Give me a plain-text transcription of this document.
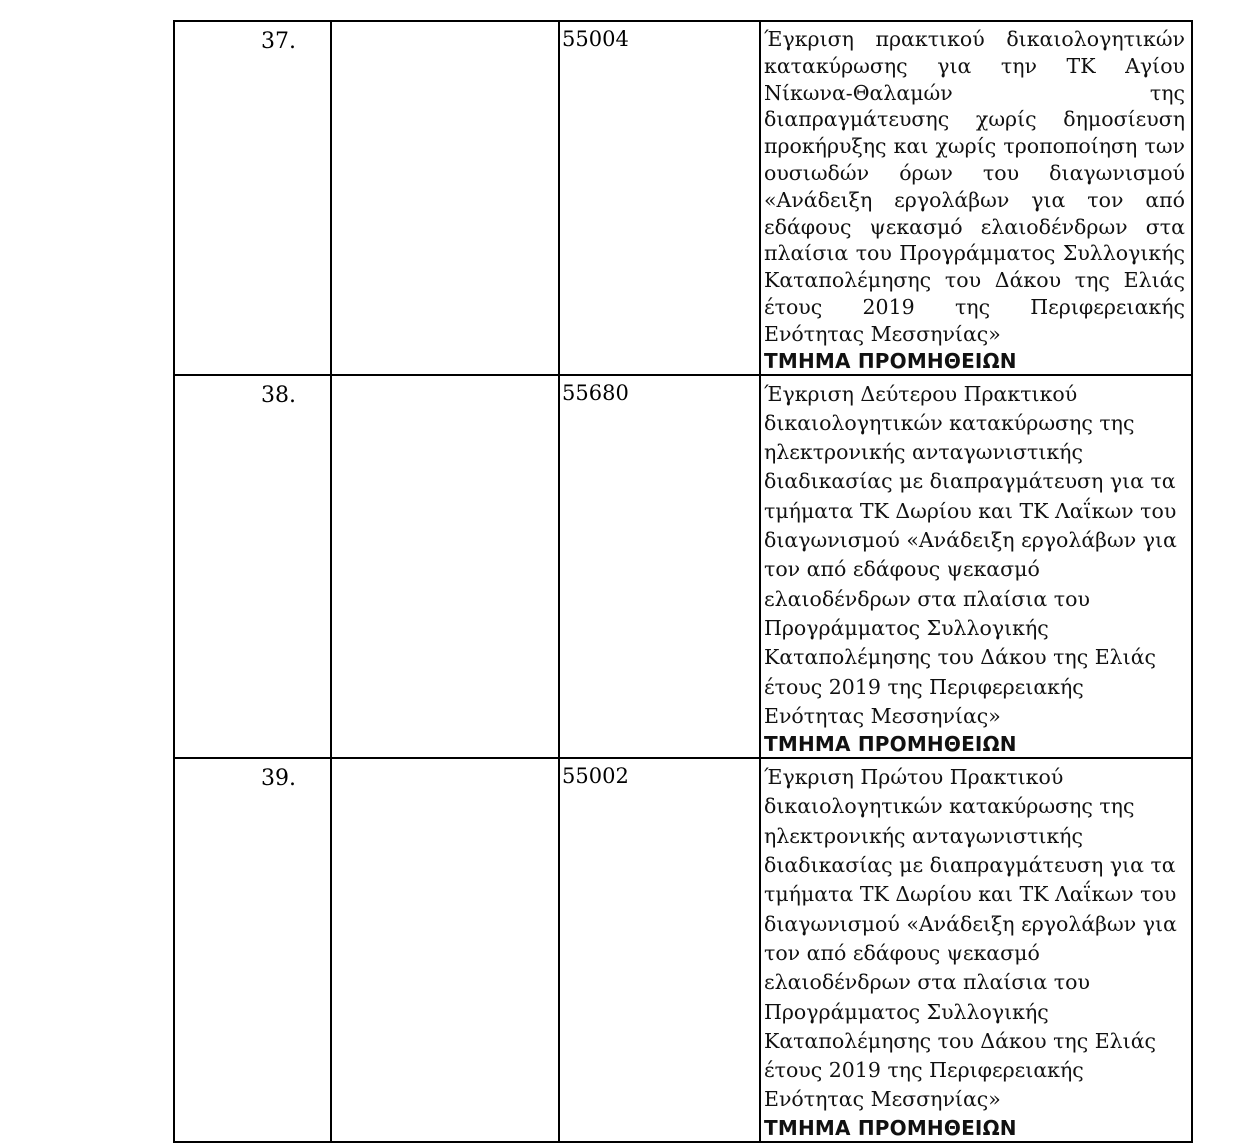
37.		55004	Έγκριση πρακτικού δικαιολογητικών κατακύρωσης για την ΤΚ Αγίου Νίκωνα-Θαλαμών της διαπραγμάτευσης χωρίς δημοσίευση προκήρυξης και χωρίς τροποποίηση των ουσιωδών όρων του διαγωνισμού «Ανάδειξη εργολάβων για τον από εδάφους ψεκασμό ελαιοδένδρων στα πλαίσια του Προγράμματος Συλλογικής Καταπολέμησης του Δάκου της Ελιάς έτους 2019 της Περιφερειακής Ενότητας Μεσσηνίας»
ΤΜΗΜΑ ΠΡΟΜΗΘΕΙΩΝ

38.		55680	Έγκριση Δεύτερου Πρακτικού δικαιολογητικών κατακύρωσης της ηλεκτρονικής ανταγωνιστικής διαδικασίας με διαπραγμάτευση για τα τμήματα ΤΚ Δωρίου και ΤΚ Λαΐκων του διαγωνισμού «Ανάδειξη εργολάβων για τον από εδάφους ψεκασμό ελαιοδένδρων στα πλαίσια του Προγράμματος Συλλογικής Καταπολέμησης του Δάκου της Ελιάς έτους 2019 της Περιφερειακής Ενότητας Μεσσηνίας»
ΤΜΗΜΑ ΠΡΟΜΗΘΕΙΩΝ

39.		55002	Έγκριση Πρώτου Πρακτικού δικαιολογητικών κατακύρωσης της ηλεκτρονικής ανταγωνιστικής διαδικασίας με διαπραγμάτευση για τα τμήματα ΤΚ Δωρίου και ΤΚ Λαΐκων του διαγωνισμού «Ανάδειξη εργολάβων για τον από εδάφους ψεκασμό ελαιοδένδρων στα πλαίσια του Προγράμματος Συλλογικής Καταπολέμησης του Δάκου της Ελιάς έτους 2019 της Περιφερειακής Ενότητας Μεσσηνίας»
ΤΜΗΜΑ ΠΡΟΜΗΘΕΙΩΝ
